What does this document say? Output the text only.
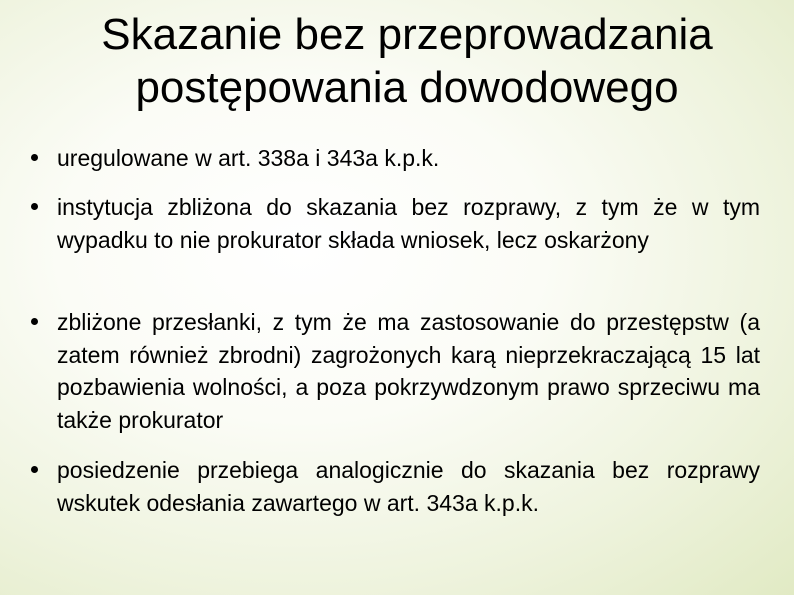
Skazanie bez przeprowadzania
postępowania dowodowego
uregulowane w art. 338a i 343a k.p.k.
instytucja zbliżona do skazania bez rozprawy, z tym że w tym wypadku to nie prokurator składa wniosek, lecz oskarżony
zbliżone przesłanki, z tym że ma zastosowanie do przestępstw (a zatem również zbrodni) zagrożonych karą nieprzekraczającą 15 lat pozbawienia wolności, a poza pokrzywdzonym prawo sprzeciwu ma także prokurator
posiedzenie przebiega analogicznie do skazania bez rozprawy wskutek odesłania zawartego w art. 343a k.p.k.
